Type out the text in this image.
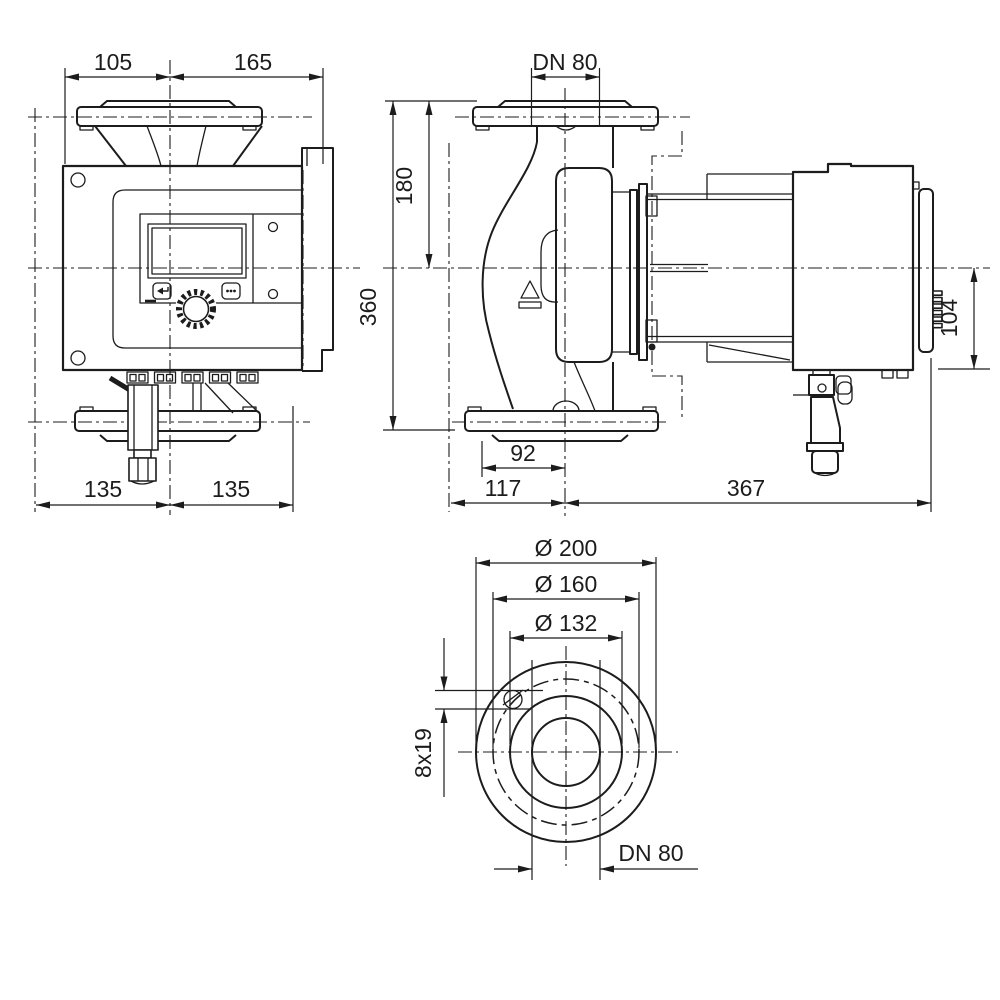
105	165
135	135
DN 80
180
360	104
92
117	367
Ø 200
Ø 160
Ø 132
8x19
DN 80
